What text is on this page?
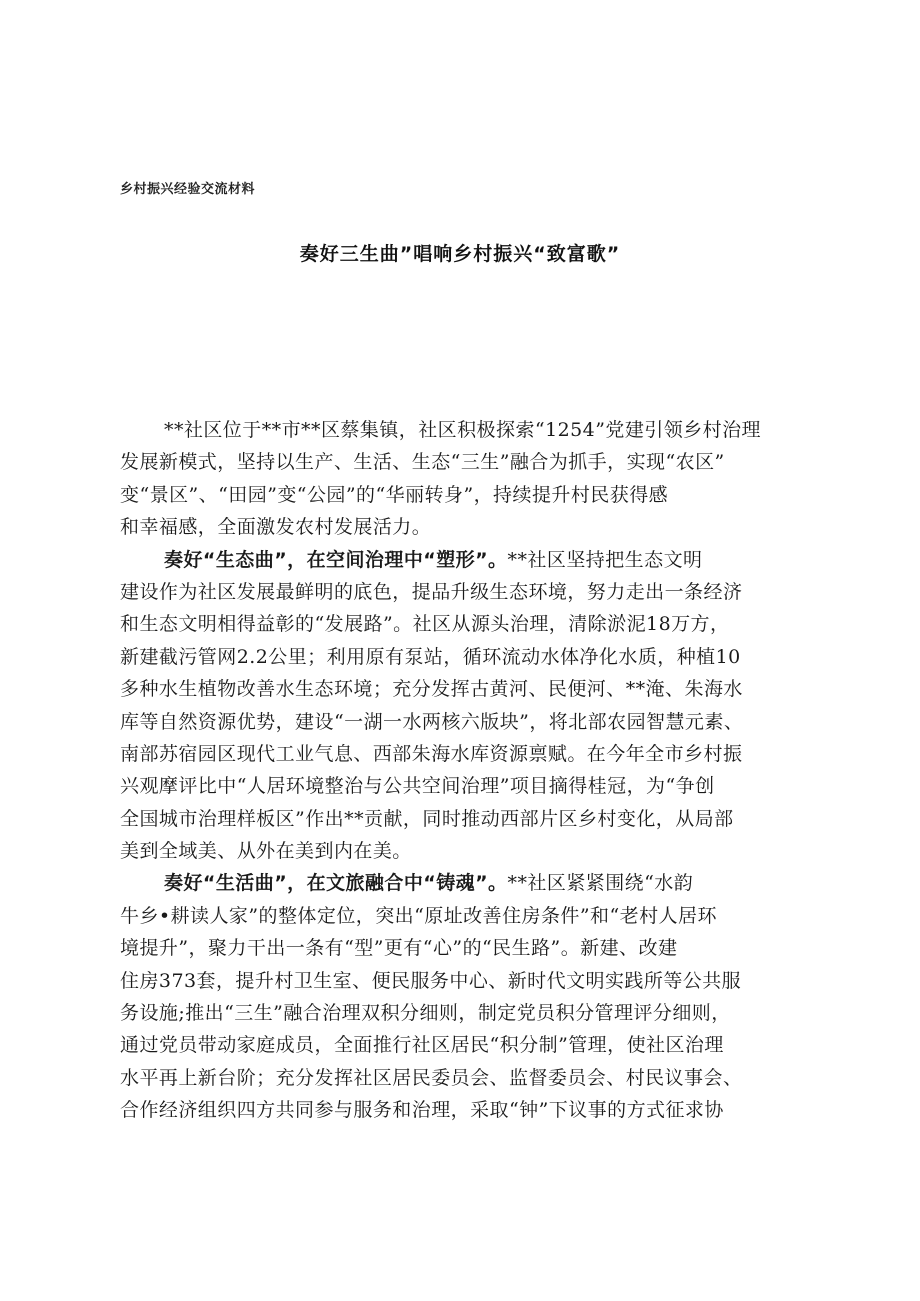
乡村振兴经验交流材料
奏好三生曲”唱响乡村振兴“致富歌”
**社区位于**市**区蔡集镇，社区积极探索“1254”党建引领乡村治理
发展新模式，坚持以生产、生活、生态“三生”融合为抓手，实现“农区”
变“景区”、“田园”变“公园”的“华丽转身”，持续提升村民获得感
和幸福感，全面激发农村发展活力。
奏好“生态曲”，在空间治理中“塑形”。**社区坚持把生态文明
建设作为社区发展最鲜明的底色，提品升级生态环境，努力走出一条经济
和生态文明相得益彰的“发展路”。社区从源头治理，清除淤泥18万方，
新建截污管网2.2公里；利用原有泵站，循环流动水体净化水质，种植10
多种水生植物改善水生态环境；充分发挥古黄河、民便河、**淹、朱海水
库等自然资源优势，建设“一湖一水两核六版块”，将北部农园智慧元素、
南部苏宿园区现代工业气息、西部朱海水库资源禀赋。在今年全市乡村振
兴观摩评比中“人居环境整治与公共空间治理”项目摘得桂冠，为“争创
全国城市治理样板区”作出**贡献，同时推动西部片区乡村变化，从局部
美到全域美、从外在美到内在美。
奏好“生活曲”，在文旅融合中“铸魂”。**社区紧紧围绕“水韵
牛乡•耕读人家”的整体定位，突出“原址改善住房条件”和“老村人居环
境提升”，聚力干出一条有“型”更有“心”的“民生路”。新建、改建
住房373套，提升村卫生室、便民服务中心、新时代文明实践所等公共服
务设施;推出“三生”融合治理双积分细则，制定党员积分管理评分细则，
通过党员带动家庭成员，全面推行社区居民“积分制”管理，使社区治理
水平再上新台阶；充分发挥社区居民委员会、监督委员会、村民议事会、
合作经济组织四方共同参与服务和治理，采取“钟”下议事的方式征求协
